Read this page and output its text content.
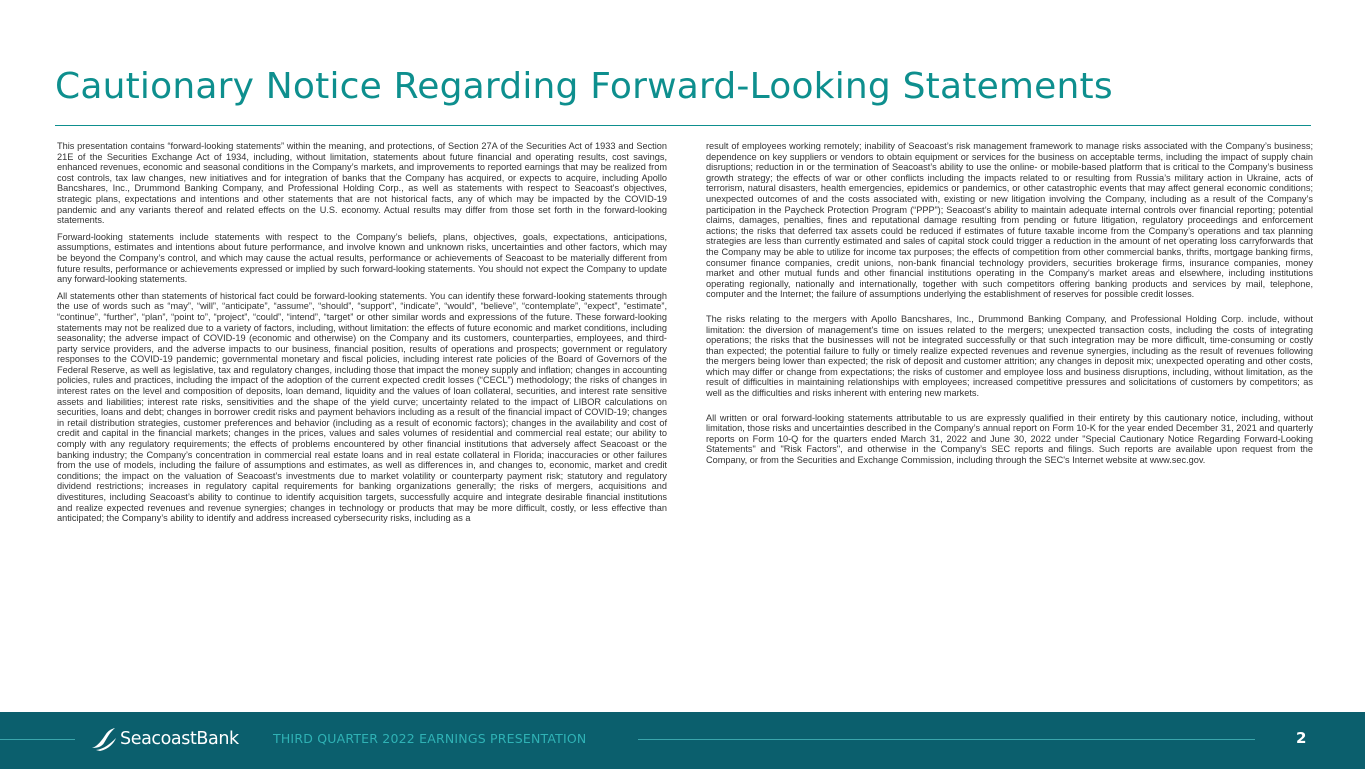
Cautionary Notice Regarding Forward-Looking Statements

This presentation contains “forward-looking statements” within the meaning, and protections, of Section 27A of the Securities Act of 1933 and Section 21E of the Securities Exchange Act of 1934, including, without limitation, statements about future financial and operating results, cost savings, enhanced revenues, economic and seasonal conditions in the Company’s markets, and improvements to reported earnings that may be realized from cost controls, tax law changes, new initiatives and for integration of banks that the Company has acquired, or expects to acquire, including Apollo Bancshares, Inc., Drummond Banking Company, and Professional Holding Corp., as well as statements with respect to Seacoast's objectives, strategic plans, expectations and intentions and other statements that are not historical facts, any of which may be impacted by the COVID-19 pandemic and any variants thereof and related effects on the U.S. economy. Actual results may differ from those set forth in the forward-looking statements.

Forward-looking statements include statements with respect to the Company’s beliefs, plans, objectives, goals, expectations, anticipations, assumptions, estimates and intentions about future performance, and involve known and unknown risks, uncertainties and other factors, which may be beyond the Company’s control, and which may cause the actual results, performance or achievements of Seacoast to be materially different from future results, performance or achievements expressed or implied by such forward-looking statements. You should not expect the Company to update any forward-looking statements.

All statements other than statements of historical fact could be forward-looking statements. You can identify these forward-looking statements through the use of words such as “may”, “will”, “anticipate”, “assume”, “should”, “support”, “indicate”, “would”, “believe”, “contemplate”, “expect”, “estimate”, “continue”, “further”, “plan”, “point to”, “project”, “could”, “intend”, “target” or other similar words and expressions of the future. These forward-looking statements may not be realized due to a variety of factors, including, without limitation: the effects of future economic and market conditions, including seasonality; the adverse impact of COVID-19 (economic and otherwise) on the Company and its customers, counterparties, employees, and third-party service providers, and the adverse impacts to our business, financial position, results of operations and prospects; government or regulatory responses to the COVID-19 pandemic; governmental monetary and fiscal policies, including interest rate policies of the Board of Governors of the Federal Reserve, as well as legislative, tax and regulatory changes, including those that impact the money supply and inflation; changes in accounting policies, rules and practices, including the impact of the adoption of the current expected credit losses (“CECL”) methodology; the risks of changes in interest rates on the level and composition of deposits, loan demand, liquidity and the values of loan collateral, securities, and interest rate sensitive assets and liabilities; interest rate risks, sensitivities and the shape of the yield curve; uncertainty related to the impact of LIBOR calculations on securities, loans and debt; changes in borrower credit risks and payment behaviors including as a result of the financial impact of COVID-19; changes in retail distribution strategies, customer preferences and behavior (including as a result of economic factors); changes in the availability and cost of credit and capital in the financial markets; changes in the prices, values and sales volumes of residential and commercial real estate; our ability to comply with any regulatory requirements; the effects of problems encountered by other financial institutions that adversely affect Seacoast or the banking industry; the Company’s concentration in commercial real estate loans and in real estate collateral in Florida; inaccuracies or other failures from the use of models, including the failure of assumptions and estimates, as well as differences in, and changes to, economic, market and credit conditions; the impact on the valuation of Seacoast’s investments due to market volatility or counterparty payment risk; statutory and regulatory dividend restrictions; increases in regulatory capital requirements for banking organizations generally; the risks of mergers, acquisitions and divestitures, including Seacoast’s ability to continue to identify acquisition targets, successfully acquire and integrate desirable financial institutions and realize expected revenues and revenue synergies; changes in technology or products that may be more difficult, costly, or less effective than anticipated; the Company’s ability to identify and address increased cybersecurity risks, including as a

result of employees working remotely; inability of Seacoast’s risk management framework to manage risks associated with the Company’s business; dependence on key suppliers or vendors to obtain equipment or services for the business on acceptable terms, including the impact of supply chain disruptions; reduction in or the termination of Seacoast’s ability to use the online- or mobile-based platform that is critical to the Company’s business growth strategy; the effects of war or other conflicts including the impacts related to or resulting from Russia’s military action in Ukraine, acts of terrorism, natural disasters, health emergencies, epidemics or pandemics, or other catastrophic events that may affect general economic conditions; unexpected outcomes of and the costs associated with, existing or new litigation involving the Company, including as a result of the Company’s participation in the Paycheck Protection Program (“PPP”); Seacoast’s ability to maintain adequate internal controls over financial reporting; potential claims, damages, penalties, fines and reputational damage resulting from pending or future litigation, regulatory proceedings and enforcement actions; the risks that deferred tax assets could be reduced if estimates of future taxable income from the Company’s operations and tax planning strategies are less than currently estimated and sales of capital stock could trigger a reduction in the amount of net operating loss carryforwards that the Company may be able to utilize for income tax purposes; the effects of competition from other commercial banks, thrifts, mortgage banking firms, consumer finance companies, credit unions, non-bank financial technology providers, securities brokerage firms, insurance companies, money market and other mutual funds and other financial institutions operating in the Company’s market areas and elsewhere, including institutions operating regionally, nationally and internationally, together with such competitors offering banking products and services by mail, telephone, computer and the Internet; the failure of assumptions underlying the establishment of reserves for possible credit losses.

The risks relating to the mergers with Apollo Bancshares, Inc., Drummond Banking Company, and Professional Holding Corp. include, without limitation: the diversion of management's time on issues related to the mergers; unexpected transaction costs, including the costs of integrating operations; the risks that the businesses will not be integrated successfully or that such integration may be more difficult, time-consuming or costly than expected; the potential failure to fully or timely realize expected revenues and revenue synergies, including as the result of revenues following the mergers being lower than expected; the risk of deposit and customer attrition; any changes in deposit mix; unexpected operating and other costs, which may differ or change from expectations; the risks of customer and employee loss and business disruptions, including, without limitation, as the result of difficulties in maintaining relationships with employees; increased competitive pressures and solicitations of customers by competitors; as well as the difficulties and risks inherent with entering new markets.

All written or oral forward-looking statements attributable to us are expressly qualified in their entirety by this cautionary notice, including, without limitation, those risks and uncertainties described in the Company’s annual report on Form 10-K for the year ended December 31, 2021 and quarterly reports on Form 10-Q for the quarters ended March 31, 2022 and June 30, 2022 under "Special Cautionary Notice Regarding Forward-Looking Statements" and "Risk Factors", and otherwise in the Company’s SEC reports and filings. Such reports are available upon request from the Company, or from the Securities and Exchange Commission, including through the SEC's Internet website at www.sec.gov.

SeacoastBank	THIRD QUARTER 2022 EARNINGS PRESENTATION	2
